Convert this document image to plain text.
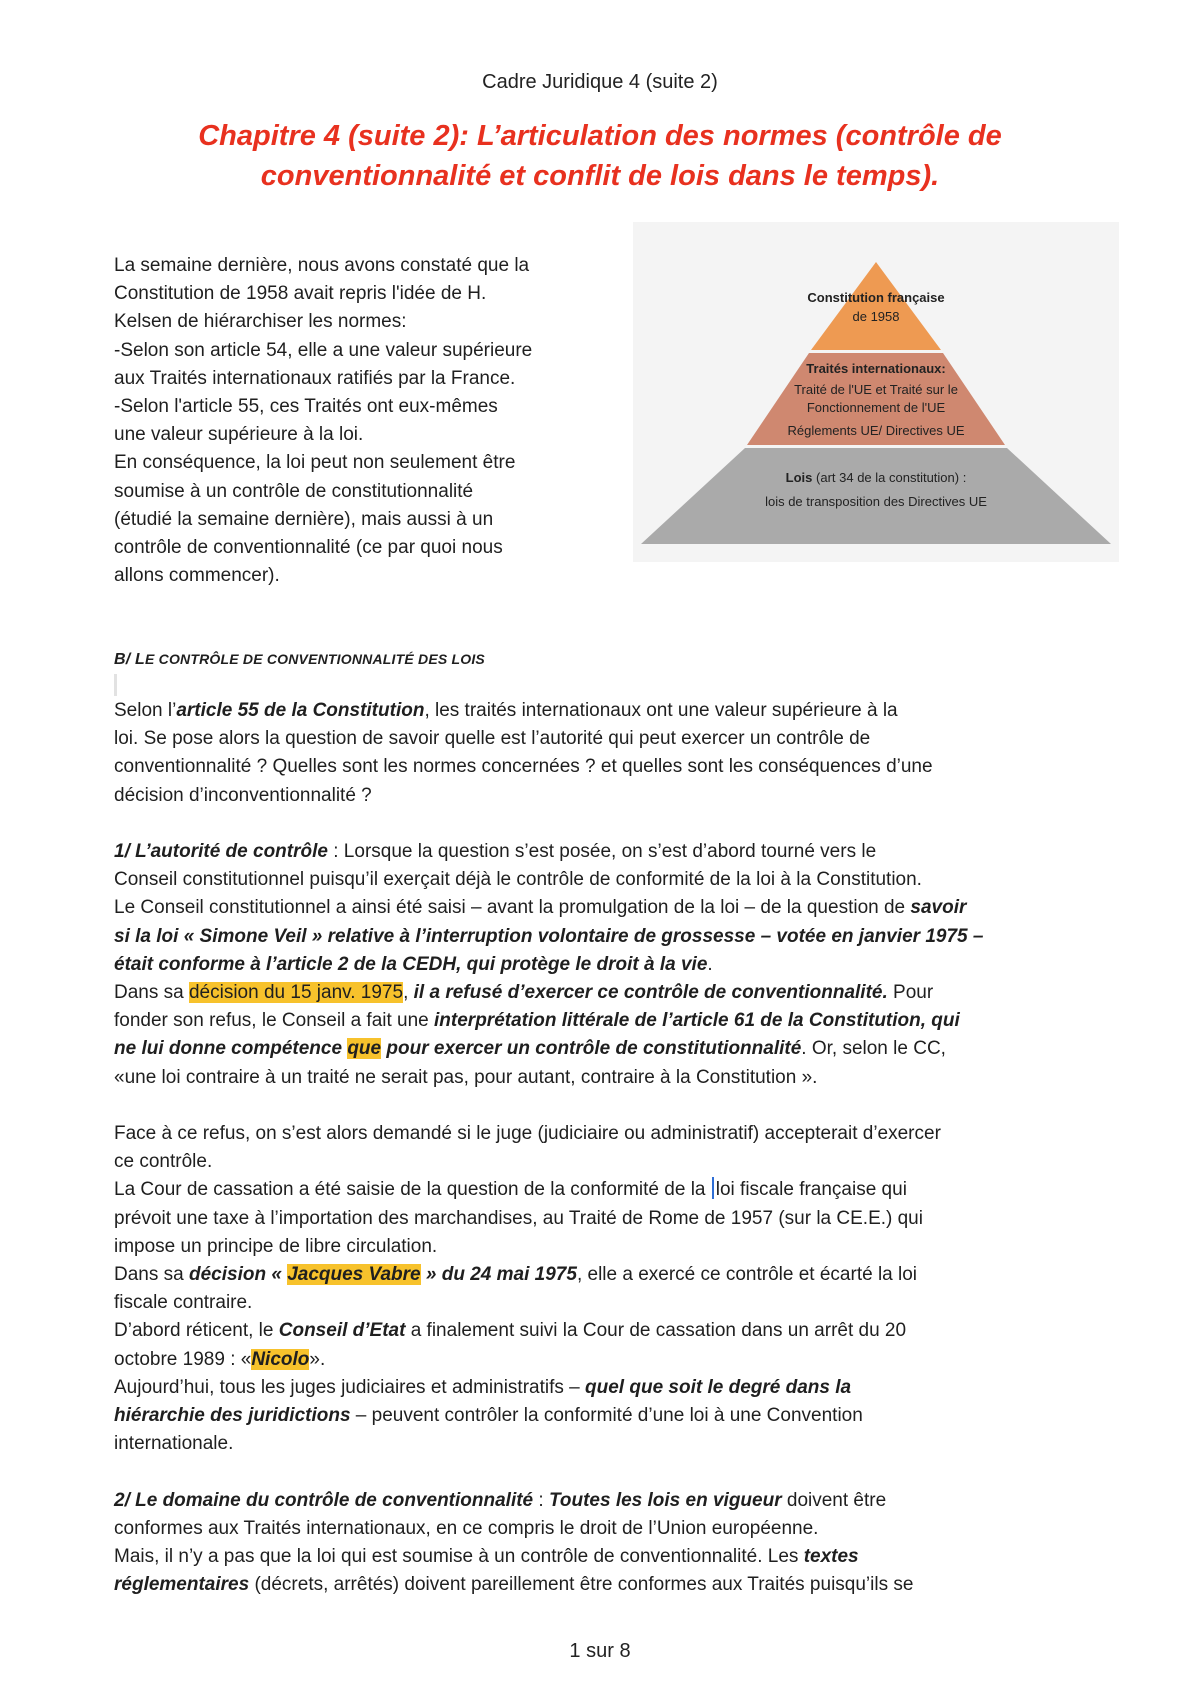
Cadre Juridique 4 (suite 2)
Chapitre 4 (suite 2): L’articulation des normes (contrôle de
conventionnalité et conflit de lois dans le temps).
La semaine dernière, nous avons constaté que la
Constitution de 1958 avait repris l'idée de H.
Kelsen de hiérarchiser les normes:
-Selon son article 54, elle a une valeur supérieure
aux Traités internationaux ratifiés par la France.
-Selon l'article 55, ces Traités ont eux-mêmes
une valeur supérieure à la loi.
En conséquence, la loi peut non seulement être
soumise à un contrôle de constitutionnalité
(étudié la semaine dernière), mais aussi à un
contrôle de conventionnalité (ce par quoi nous
allons commencer).
Constitution française
de 1958
Traités internationaux:
Traité de l'UE et Traité sur le
Fonctionnement de l'UE
Réglements UE/ Directives UE
Lois (art 34 de la constitution) :
lois de transposition des Directives UE
B/ LE CONTRÔLE DE CONVENTIONNALITÉ DES LOIS
Selon l’article 55 de la Constitution, les traités internationaux ont une valeur supérieure à la
loi. Se pose alors la question de savoir quelle est l’autorité qui peut exercer un contrôle de
conventionnalité ? Quelles sont les normes concernées ? et quelles sont les conséquences d’une
décision d’inconventionnalité ?
1/ L’autorité de contrôle : Lorsque la question s’est posée, on s’est d’abord tourné vers le
Conseil constitutionnel puisqu’il exerçait déjà le contrôle de conformité de la loi à la Constitution.
Le Conseil constitutionnel a ainsi été saisi – avant la promulgation de la loi – de la question de savoir
si la loi « Simone Veil » relative à l’interruption volontaire de grossesse – votée en janvier 1975 –
était conforme à l’article 2 de la CEDH, qui protège le droit à la vie.
Dans sa décision du 15 janv. 1975, il a refusé d’exercer ce contrôle de conventionnalité. Pour
fonder son refus, le Conseil a fait une interprétation littérale de l’article 61 de la Constitution, qui
ne lui donne compétence que pour exercer un contrôle de constitutionnalité. Or, selon le CC,
«une loi contraire à un traité ne serait pas, pour autant, contraire à la Constitution ».
Face à ce refus, on s’est alors demandé si le juge (judiciaire ou administratif) accepterait d’exercer
ce contrôle.
La Cour de cassation a été saisie de la question de la conformité de la loi fiscale française qui
prévoit une taxe à l’importation des marchandises, au Traité de Rome de 1957 (sur la CE.E.) qui
impose un principe de libre circulation.
Dans sa décision « Jacques Vabre » du 24 mai 1975, elle a exercé ce contrôle et écarté la loi
fiscale contraire.
D’abord réticent, le Conseil d’Etat a finalement suivi la Cour de cassation dans un arrêt du 20
octobre 1989 : «Nicolo».
Aujourd’hui, tous les juges judiciaires et administratifs – quel que soit le degré dans la
hiérarchie des juridictions – peuvent contrôler la conformité d’une loi à une Convention
internationale.
2/ Le domaine du contrôle de conventionnalité : Toutes les lois en vigueur doivent être
conformes aux Traités internationaux, en ce compris le droit de l’Union européenne.
Mais, il n’y a pas que la loi qui est soumise à un contrôle de conventionnalité. Les textes
réglementaires (décrets, arrêtés) doivent pareillement être conformes aux Traités puisqu’ils se
1 sur 8
